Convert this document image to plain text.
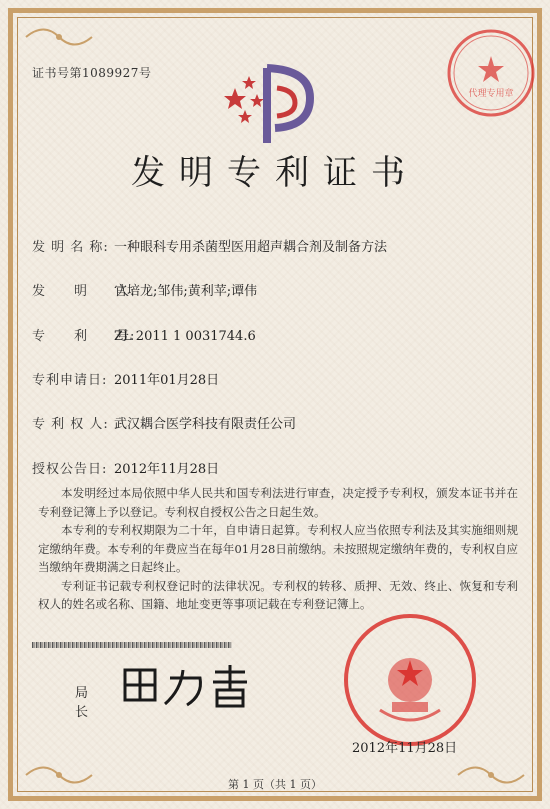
证书号第1089927号
发明专利证书
发 明 名 称: 一种眼科专用杀菌型医用超声耦合剂及制备方法
发　　明　　人:官培龙;邹伟;黄利苹;谭伟
专　　利　　号:ZL 2011 1 0031744.6
专利申请日: 2011年01月28日
专 利 权 人: 武汉耦合医学科技有限责任公司
授权公告日: 2012年11月28日

本发明经过本局依照中华人民共和国专利法进行审查，决定授予专利权，颁发本证书并在专利登记簿上予以登记。专利权自授权公告之日起生效。

本专利的专利权期限为二十年，自申请日起算。专利权人应当依照专利法及其实施细则规定缴纳年费。本专利的年费应当在每年01月28日前缴纳。未按照规定缴纳年费的，专利权自应当缴纳年费期满之日起终止。

专利证书记载专利权登记时的法律状况。专利权的转移、质押、无效、终止、恢复和专利权人的姓名或名称、国籍、地址变更等事项记载在专利登记簿上。

代理专用章
局长
2012年11月28日
第 1 页（共 1 页）
